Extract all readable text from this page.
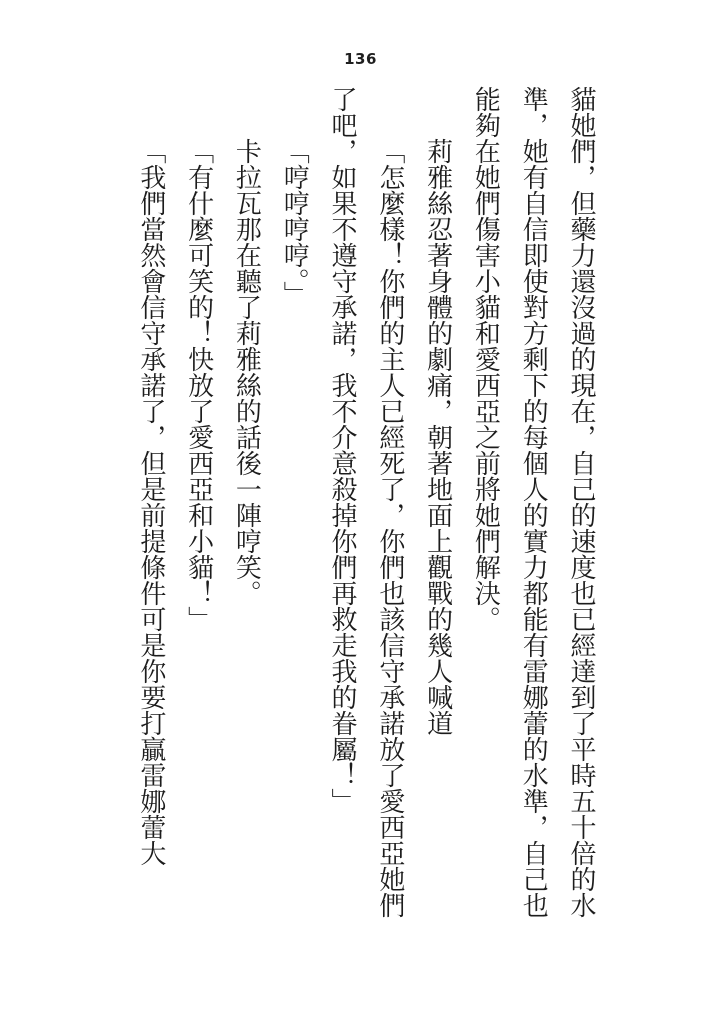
136

貓她們，但藥力還沒過的現在，自己的速度也已經達到了平時五十倍的水準，她有自信即使對方剩下的每個人的實力都能有雷娜蕾的水準，自己也能夠在她們傷害小貓和愛西亞之前將她們解決。

莉雅絲忍著身體的劇痛，朝著地面上觀戰的幾人喊道

「怎麼樣！你們的主人已經死了，你們也該信守承諾放了愛西亞她們了吧，如果不遵守承諾，我不介意殺掉你們再救走我的眷屬！」

「哼哼哼哼。」

卡拉瓦那在聽了莉雅絲的話後一陣哼笑。

「有什麼可笑的！快放了愛西亞和小貓！」

「我們當然會信守承諾了，但是前提條件可是你要打贏雷娜蕾大
